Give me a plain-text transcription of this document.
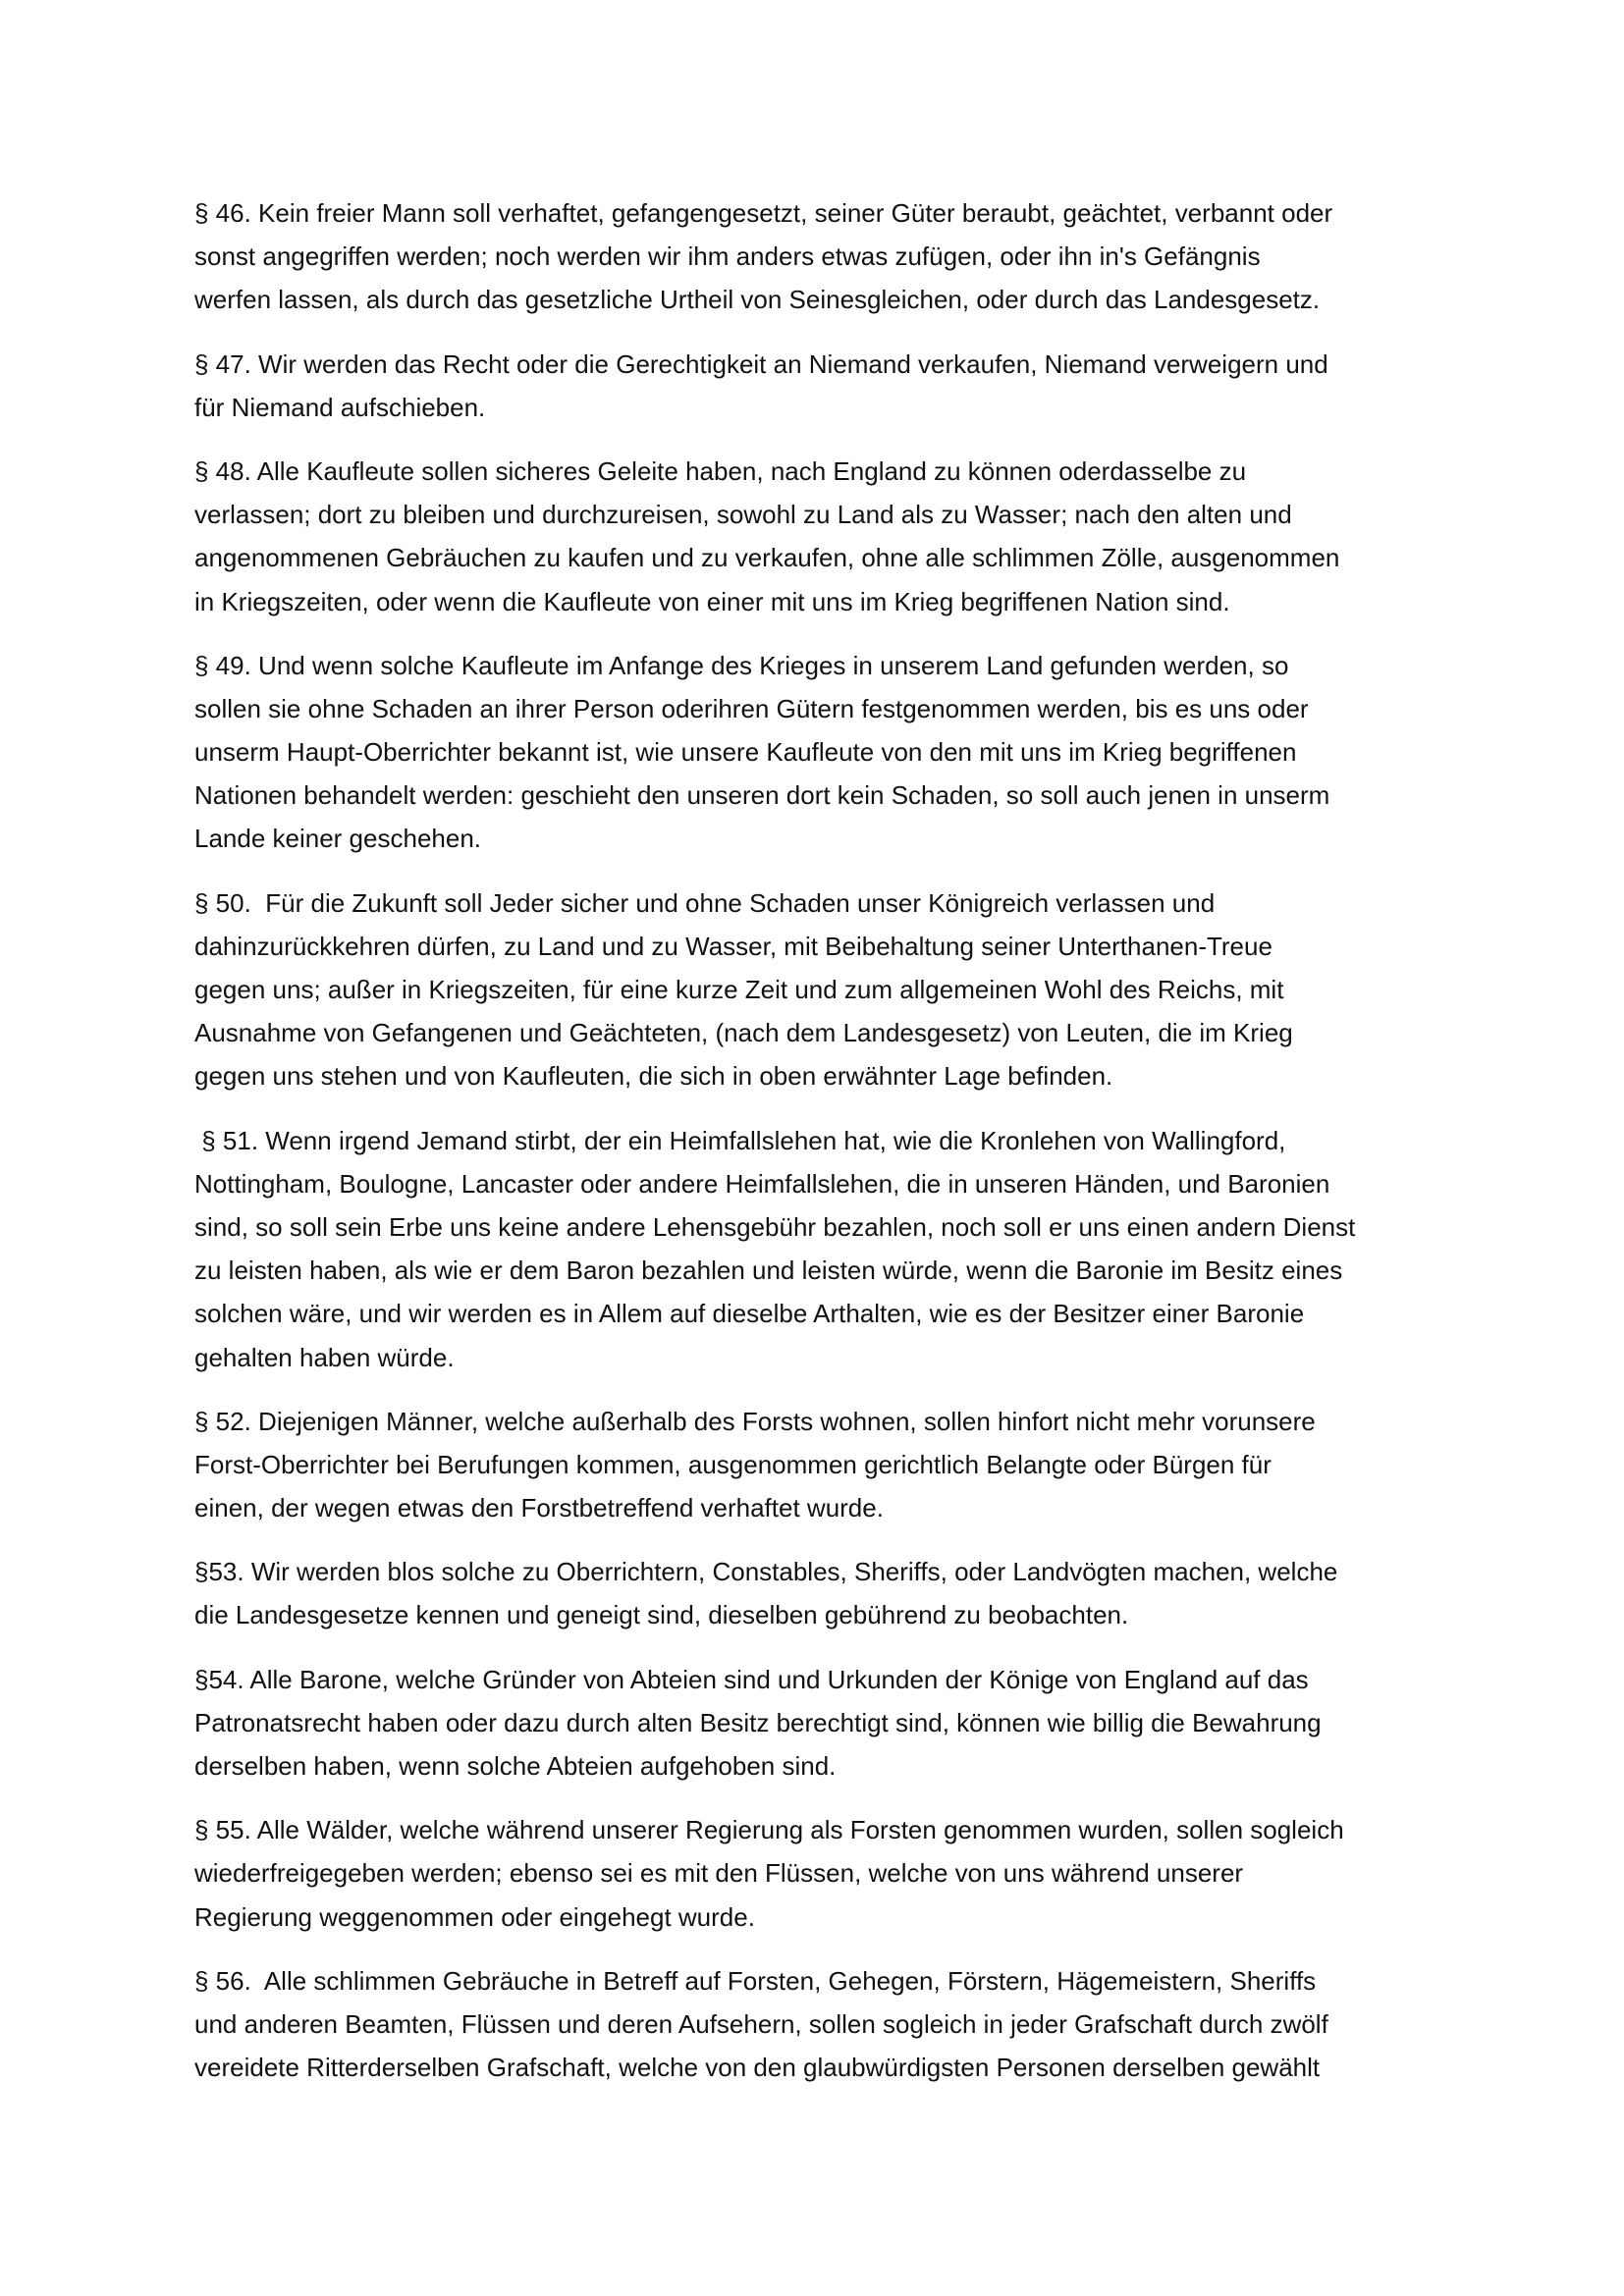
§ 46. Kein freier Mann soll verhaftet, gefangengesetzt, seiner Güter beraubt, geächtet, verbannt oder
sonst angegriffen werden; noch werden wir ihm anders etwas zufügen, oder ihn in's Gefängnis
werfen lassen, als durch das gesetzliche Urtheil von Seinesgleichen, oder durch das Landesgesetz.

§ 47. Wir werden das Recht oder die Gerechtigkeit an Niemand verkaufen, Niemand verweigern und
für Niemand aufschieben.

§ 48. Alle Kaufleute sollen sicheres Geleite haben, nach England zu können oderdasselbe zu
verlassen; dort zu bleiben und durchzureisen, sowohl zu Land als zu Wasser; nach den alten und
angenommenen Gebräuchen zu kaufen und zu verkaufen, ohne alle schlimmen Zölle, ausgenommen
in Kriegszeiten, oder wenn die Kaufleute von einer mit uns im Krieg begriffenen Nation sind.

§ 49. Und wenn solche Kaufleute im Anfange des Krieges in unserem Land gefunden werden, so
sollen sie ohne Schaden an ihrer Person oderihren Gütern festgenommen werden, bis es uns oder
unserm Haupt-Oberrichter bekannt ist, wie unsere Kaufleute von den mit uns im Krieg begriffenen
Nationen behandelt werden: geschieht den unseren dort kein Schaden, so soll auch jenen in unserm
Lande keiner geschehen.

§ 50.  Für die Zukunft soll Jeder sicher und ohne Schaden unser Königreich verlassen und
dahinzurückkehren dürfen, zu Land und zu Wasser, mit Beibehaltung seiner Unterthanen-Treue
gegen uns; außer in Kriegszeiten, für eine kurze Zeit und zum allgemeinen Wohl des Reichs, mit
Ausnahme von Gefangenen und Geächteten, (nach dem Landesgesetz) von Leuten, die im Krieg
gegen uns stehen und von Kaufleuten, die sich in oben erwähnter Lage befinden.

§ 51. Wenn irgend Jemand stirbt, der ein Heimfallslehen hat, wie die Kronlehen von Wallingford,
Nottingham, Boulogne, Lancaster oder andere Heimfallslehen, die in unseren Händen, und Baronien
sind, so soll sein Erbe uns keine andere Lehensgebühr bezahlen, noch soll er uns einen andern Dienst
zu leisten haben, als wie er dem Baron bezahlen und leisten würde, wenn die Baronie im Besitz eines
solchen wäre, und wir werden es in Allem auf dieselbe Arthalten, wie es der Besitzer einer Baronie
gehalten haben würde.

§ 52. Diejenigen Männer, welche außerhalb des Forsts wohnen, sollen hinfort nicht mehr vorunsere
Forst-Oberrichter bei Berufungen kommen, ausgenommen gerichtlich Belangte oder Bürgen für
einen, der wegen etwas den Forstbetreffend verhaftet wurde.

§53. Wir werden blos solche zu Oberrichtern, Constables, Sheriffs, oder Landvögten machen, welche
die Landesgesetze kennen und geneigt sind, dieselben gebührend zu beobachten.

§54. Alle Barone, welche Gründer von Abteien sind und Urkunden der Könige von England auf das
Patronatsrecht haben oder dazu durch alten Besitz berechtigt sind, können wie billig die Bewahrung
derselben haben, wenn solche Abteien aufgehoben sind.

§ 55. Alle Wälder, welche während unserer Regierung als Forsten genommen wurden, sollen sogleich
wiederfreigegeben werden; ebenso sei es mit den Flüssen, welche von uns während unserer
Regierung weggenommen oder eingehegt wurde.

§ 56.  Alle schlimmen Gebräuche in Betreff auf Forsten, Gehegen, Förstern, Hägemeistern, Sheriffs
und anderen Beamten, Flüssen und deren Aufsehern, sollen sogleich in jeder Grafschaft durch zwölf
vereidete Ritterderselben Grafschaft, welche von den glaubwürdigsten Personen derselben gewählt
